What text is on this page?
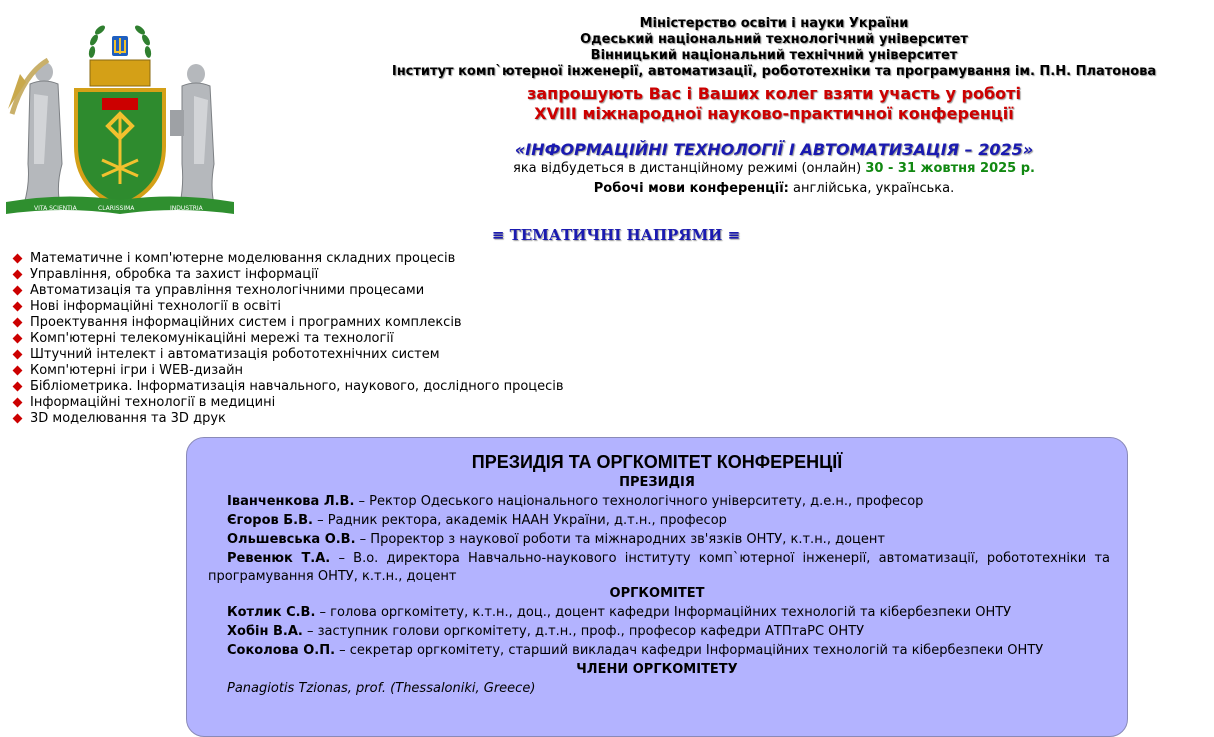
VITA SCIENTIA	CLARISSIMA	INDUSTRIA
Міністерство освіти і науки України
Одеський національний технологічний університет
Вінницький національний технічний університет
Інститут комп`ютерної інженерії, автоматизації, робототехніки та програмування ім. П.Н. Платонова
запрошують Вас і Ваших колег взяти участь у роботі
XVIII міжнародної науково-практичної конференції
«ІНФОРМАЦІЙНІ ТЕХНОЛОГІЇ І АВТОМАТИЗАЦІЯ – 2025»
яка відбудеться в дистанційному режимі (онлайн) 30 - 31 жовтня 2025 р.
Робочі мови конференції: англійська, українська.
≡ ТЕМАТИЧНІ НАПРЯМИ ≡
Математичне і комп'ютерне моделювання складних процесів
Управління, обробка та захист інформації
Автоматизація та управління технологічними процесами
Нові інформаційні технології в освіті
Проектування інформаційних систем і програмних комплексів
Комп'ютерні телекомунікаційні мережі та технології
Штучний інтелект і автоматизація робототехнічних систем
Комп'ютерні ігри і WEB-дизайн
Бібліометрика. Інформатизація навчального, наукового, дослідного процесів
Інформаційні технології в медицині
3D моделювання та 3D друк
ПРЕЗИДІЯ ТА ОРГКОМІТЕТ КОНФЕРЕНЦІЇ
ПРЕЗИДІЯ
Іванченкова Л.В. – Ректор Одеського національного технологічного університету, д.е.н., професор
Єгоров Б.В. – Радник ректора, академік НААН України, д.т.н., професор
Ольшевська О.В. – Проректор з наукової роботи та міжнародних зв'язків ОНТУ, к.т.н., доцент
Ревенюк Т.А. – В.о. директора Навчально-наукового інституту комп`ютерної інженерії, автоматизації, робототехніки та програмування ОНТУ, к.т.н., доцент
ОРГКОМІТЕТ
Котлик С.В. – голова оргкомітету, к.т.н., доц., доцент кафедри Інформаційних технологій та кібербезпеки ОНТУ
Хобін В.А. – заступник голови оргкомітету, д.т.н., проф., професор кафедри АТПтаРС ОНТУ
Соколова О.П. – секретар оргкомітету, старший викладач кафедри Інформаційних технологій та кібербезпеки ОНТУ
ЧЛЕНИ ОРГКОМІТЕТУ
Panagiotis Tzionas, prof. (Thessaloniki, Greece)
